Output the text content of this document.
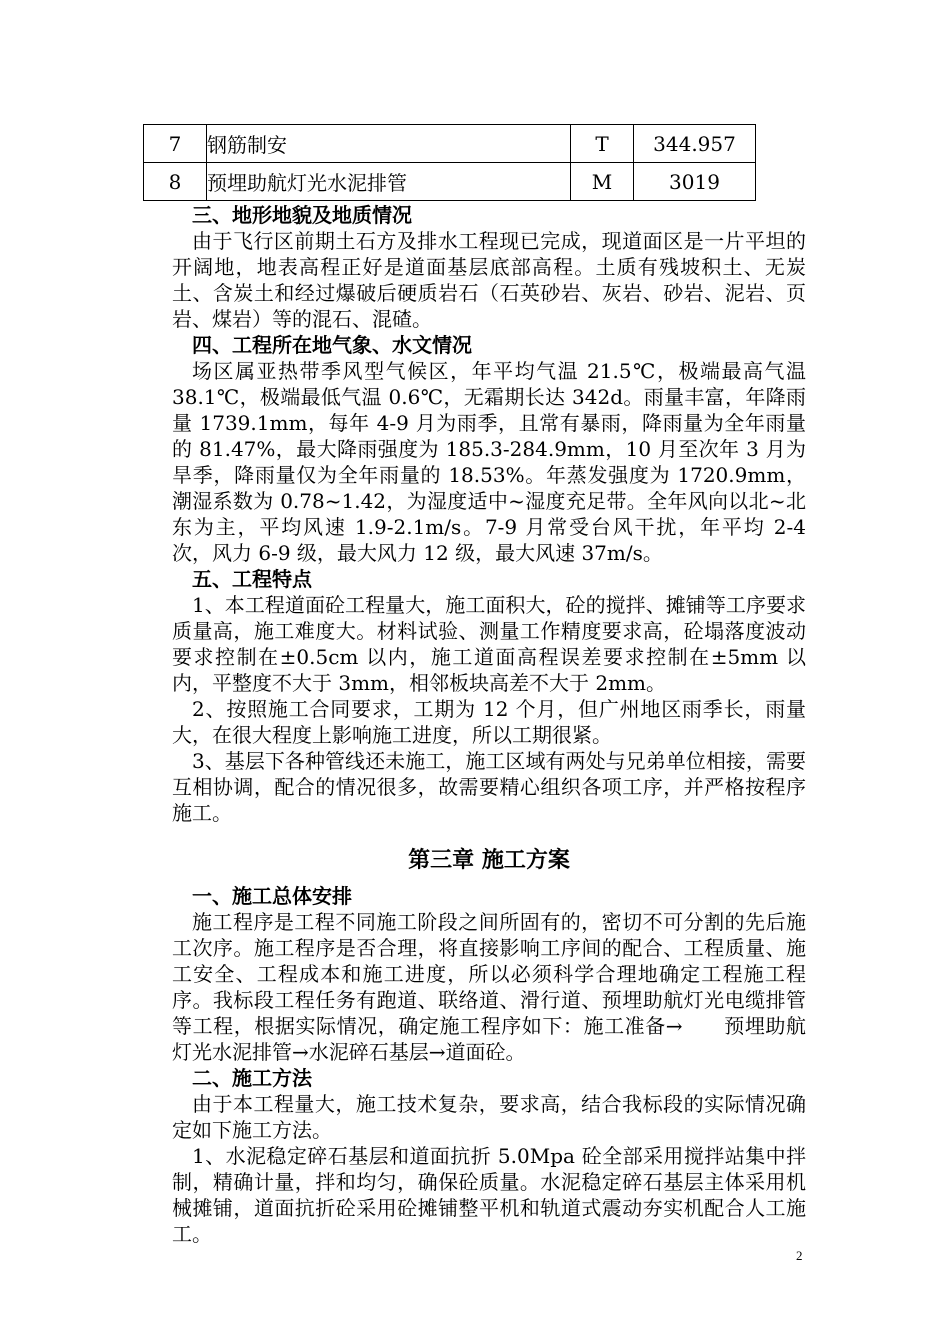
7	钢筋制安	T	344.957
8	预埋助航灯光水泥排管	M	3019

三、地形地貌及地质情况

由于飞行区前期土石方及排水工程现已完成，现道面区是一片平坦的开阔地，地表高程正好是道面基层底部高程。土质有残坡积土、无炭土、含炭土和经过爆破后硬质岩石（石英砂岩、灰岩、砂岩、泥岩、页岩、煤岩）等的混石、混碴。

四、工程所在地气象、水文情况

场区属亚热带季风型气候区，年平均气温 21.5℃，极端最高气温 38.1℃，极端最低气温 0.6℃，无霜期长达 342d。雨量丰富，年降雨量 1739.1mm，每年 4-9 月为雨季，且常有暴雨，降雨量为全年雨量的 81.47%，最大降雨强度为 185.3-284.9mm，10 月至次年 3 月为旱季，降雨量仅为全年雨量的 18.53%。年蒸发强度为 1720.9mm，潮湿系数为 0.78~1.42，为湿度适中~湿度充足带。全年风向以北~北东为主，平均风速 1.9-2.1m/s。7-9 月常受台风干扰，年平均 2-4 次，风力 6-9 级，最大风力 12 级，最大风速 37m/s。

五、工程特点

1、本工程道面砼工程量大，施工面积大，砼的搅拌、摊铺等工序要求质量高，施工难度大。材料试验、测量工作精度要求高，砼塌落度波动要求控制在±0.5cm 以内，施工道面高程误差要求控制在±5mm 以内，平整度不大于 3mm，相邻板块高差不大于 2mm。

2、按照施工合同要求，工期为 12 个月，但广州地区雨季长，雨量大，在很大程度上影响施工进度，所以工期很紧。

3、基层下各种管线还未施工，施工区域有两处与兄弟单位相接，需要互相协调，配合的情况很多，故需要精心组织各项工序，并严格按程序施工。

第三章 施工方案

一、施工总体安排

施工程序是工程不同施工阶段之间所固有的，密切不可分割的先后施工次序。施工程序是否合理，将直接影响工序间的配合、工程质量、施工安全、工程成本和施工进度，所以必须科学合理地确定工程施工程序。我标段工程任务有跑道、联络道、滑行道、预埋助航灯光电缆排管等工程，根据实际情况，确定施工程序如下：施工准备→　　预埋助航灯光水泥排管→水泥碎石基层→道面砼。

二、施工方法

由于本工程量大，施工技术复杂，要求高，结合我标段的实际情况确定如下施工方法。

1、水泥稳定碎石基层和道面抗折 5.0Mpa 砼全部采用搅拌站集中拌制，精确计量，拌和均匀，确保砼质量。水泥稳定碎石基层主体采用机械摊铺，道面抗折砼采用砼摊铺整平机和轨道式震动夯实机配合人工施工。

2
